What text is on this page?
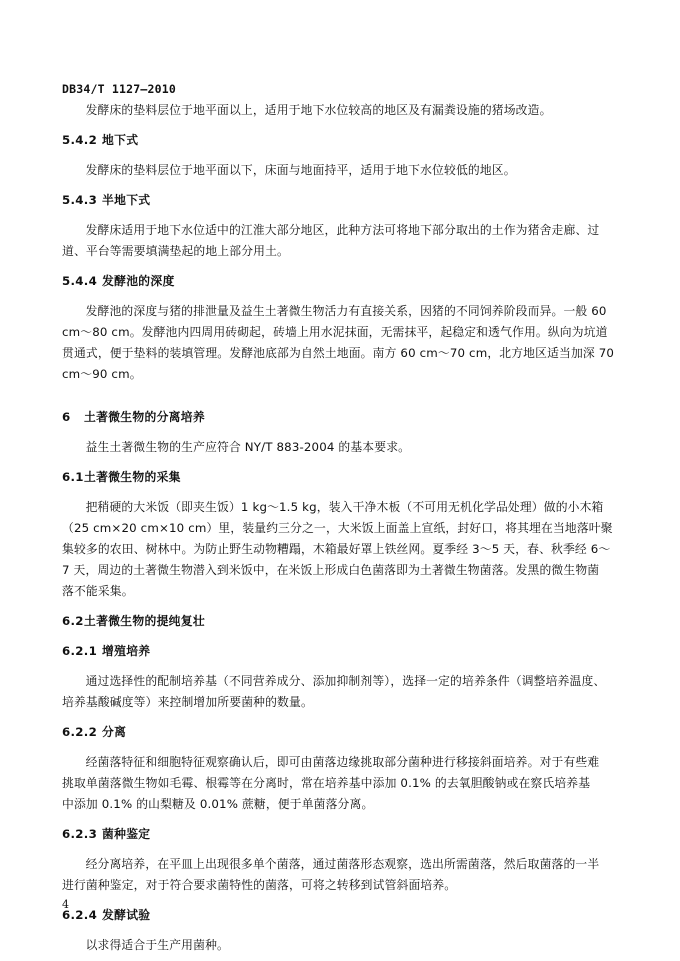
DB34/T 1127—2010

发酵床的垫料层位于地平面以上，适用于地下水位较高的地区及有漏粪设施的猪场改造。

5.4.2 地下式

发酵床的垫料层位于地平面以下，床面与地面持平，适用于地下水位较低的地区。

5.4.3 半地下式

发酵床适用于地下水位适中的江淮大部分地区，此种方法可将地下部分取出的土作为猪舍走廊、过
道、平台等需要填满垫起的地上部分用土。

5.4.4 发酵池的深度

发酵池的深度与猪的排泄量及益生土著微生物活力有直接关系，因猪的不同饲养阶段而异。一般 60
cm～80 cm。发酵池内四周用砖砌起，砖墙上用水泥抹面，无需抹平，起稳定和透气作用。纵向为坑道
贯通式，便于垫料的装填管理。发酵池底部为自然土地面。南方 60 cm～70 cm，北方地区适当加深 70
cm～90 cm。

6 土著微生物的分离培养

益生土著微生物的生产应符合 NY/T 883-2004 的基本要求。

6.1土著微生物的采集

把稍硬的大米饭（即夹生饭）1 kg～1.5 kg，装入干净木板（不可用无机化学品处理）做的小木箱
（25 cm×20 cm×10 cm）里，装量约三分之一，大米饭上面盖上宣纸，封好口，将其埋在当地落叶聚
集较多的农田、树林中。为防止野生动物糟蹋，木箱最好罩上铁丝网。夏季经 3～5 天，春、秋季经 6～
7 天，周边的土著微生物潜入到米饭中，在米饭上形成白色菌落即为土著微生物菌落。发黑的微生物菌
落不能采集。

6.2土著微生物的提纯复壮

6.2.1 增殖培养

通过选择性的配制培养基（不同营养成分、添加抑制剂等），选择一定的培养条件（调整培养温度、
培养基酸碱度等）来控制增加所要菌种的数量。

6.2.2 分离

经菌落特征和细胞特征观察确认后，即可由菌落边缘挑取部分菌种进行移接斜面培养。对于有些难
挑取单菌落微生物如毛霉、根霉等在分离时，常在培养基中添加 0.1% 的去氧胆酸钠或在察氏培养基
中添加 0.1% 的山梨糖及 0.01% 蔗糖，便于单菌落分离。

6.2.3 菌种鉴定

经分离培养，在平皿上出现很多单个菌落，通过菌落形态观察，选出所需菌落，然后取菌落的一半
进行菌种鉴定，对于符合要求菌特性的菌落，可将之转移到试管斜面培养。

6.2.4 发酵试验

以求得适合于生产用菌种。

4
